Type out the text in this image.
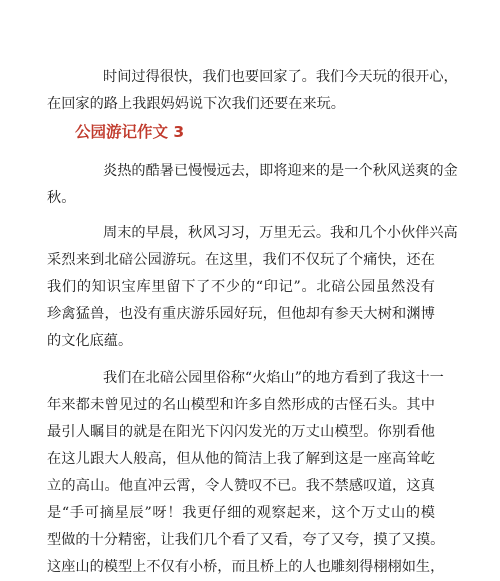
时间过得很快，我们也要回家了。我们今天玩的很开心，
在回家的路上我跟妈妈说下次我们还要在来玩。
公园游记作文 3
炎热的酷暑已慢慢远去，即将迎来的是一个秋风送爽的金
秋。
周末的早晨，秋风习习，万里无云。我和几个小伙伴兴高
采烈来到北碚公园游玩。在这里，我们不仅玩了个痛快，还在
我们的知识宝库里留下了不少的“印记”。北碚公园虽然没有
珍禽猛兽，也没有重庆游乐园好玩，但他却有参天大树和渊博
的文化底蕴。
我们在北碚公园里俗称“火焰山”的地方看到了我这十一
年来都未曾见过的名山模型和许多自然形成的古怪石头。其中
最引人瞩目的就是在阳光下闪闪发光的万丈山模型。你别看他
在这儿跟大人般高，但从他的简洁上我了解到这是一座高耸屹
立的高山。他直冲云霄，令人赞叹不已。我不禁感叹道，这真
是“手可摘星辰”呀！我更仔细的观察起来，这个万丈山的模
型做的十分精密，让我们几个看了又看，夸了又夸，摸了又摸。
这座山的模型上不仅有小桥，而且桥上的人也雕刻得栩栩如生，
